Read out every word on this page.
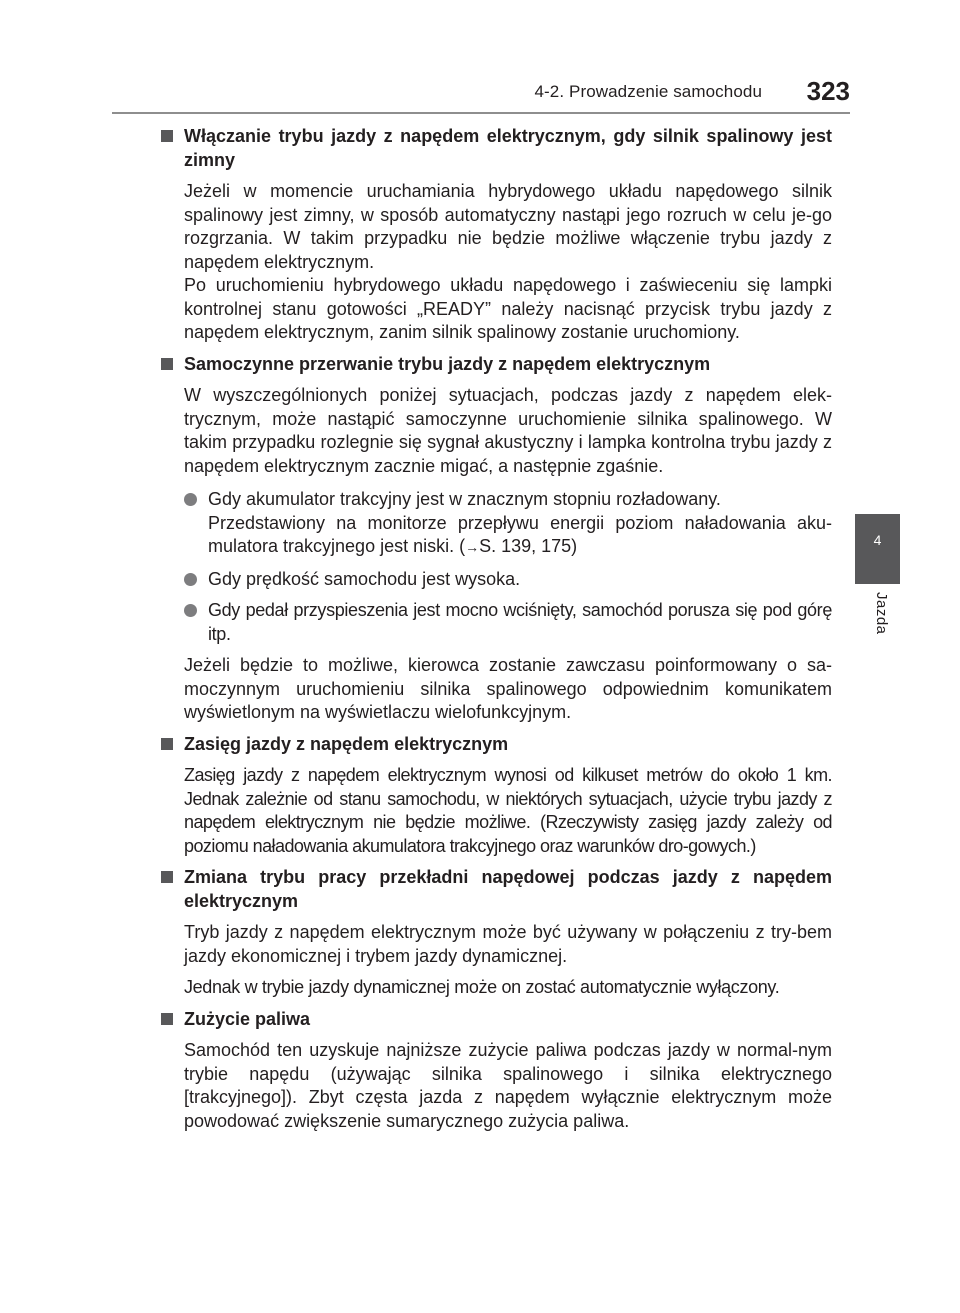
4-2. Prowadzenie samochodu	323
4
Jazda
Włączanie trybu jazdy z napędem elektrycznym, gdy silnik spalinowy jest zimny

Jeżeli w momencie uruchamiania hybrydowego układu napędowego silnik spalinowy jest zimny, w sposób automatyczny nastąpi jego rozruch w celu je-go rozgrzania. W takim przypadku nie będzie możliwe włączenie trybu jazdy z napędem elektrycznym.

Po uruchomieniu hybrydowego układu napędowego i zaświeceniu się lampki kontrolnej stanu gotowości „READY” należy nacisnąć przycisk trybu jazdy z napędem elektrycznym, zanim silnik spalinowy zostanie uruchomiony.

Samoczynne przerwanie trybu jazdy z napędem elektrycznym

W wyszczególnionych poniżej sytuacjach, podczas jazdy z napędem elek-trycznym, może nastąpić samoczynne uruchomienie silnika spalinowego. W takim przypadku rozlegnie się sygnał akustyczny i lampka kontrolna trybu jazdy z napędem elektrycznym zacznie migać, a następnie zgaśnie.

Gdy akumulator trakcyjny jest w znacznym stopniu rozładowany.
Przedstawiony na monitorze przepływu energii poziom naładowania aku-mulatora trakcyjnego jest niski. (→S. 139, 175)
Gdy prędkość samochodu jest wysoka.
Gdy pedał przyspieszenia jest mocno wciśnięty, samochód porusza się pod górę itp.

Jeżeli będzie to możliwe, kierowca zostanie zawczasu poinformowany o sa-moczynnym uruchomieniu silnika spalinowego odpowiednim komunikatem wyświetlonym na wyświetlaczu wielofunkcyjnym.

Zasięg jazdy z napędem elektrycznym

Zasięg jazdy z napędem elektrycznym wynosi od kilkuset metrów do około 1 km. Jednak zależnie od stanu samochodu, w niektórych sytuacjach, użycie trybu jazdy z napędem elektrycznym nie będzie możliwe. (Rzeczywisty zasięg jazdy zależy od poziomu naładowania akumulatora trakcyjnego oraz warunków dro-gowych.)

Zmiana trybu pracy przekładni napędowej podczas jazdy z napędem elektrycznym

Tryb jazdy z napędem elektrycznym może być używany w połączeniu z try-bem jazdy ekonomicznej i trybem jazdy dynamicznej.

Jednak w trybie jazdy dynamicznej może on zostać automatycznie wyłączony.

Zużycie paliwa

Samochód ten uzyskuje najniższe zużycie paliwa podczas jazdy w normal-nym trybie napędu (używając silnika spalinowego i silnika elektrycznego [trakcyjnego]). Zbyt częsta jazda z napędem wyłącznie elektrycznym może powodować zwiększenie sumarycznego zużycia paliwa.
